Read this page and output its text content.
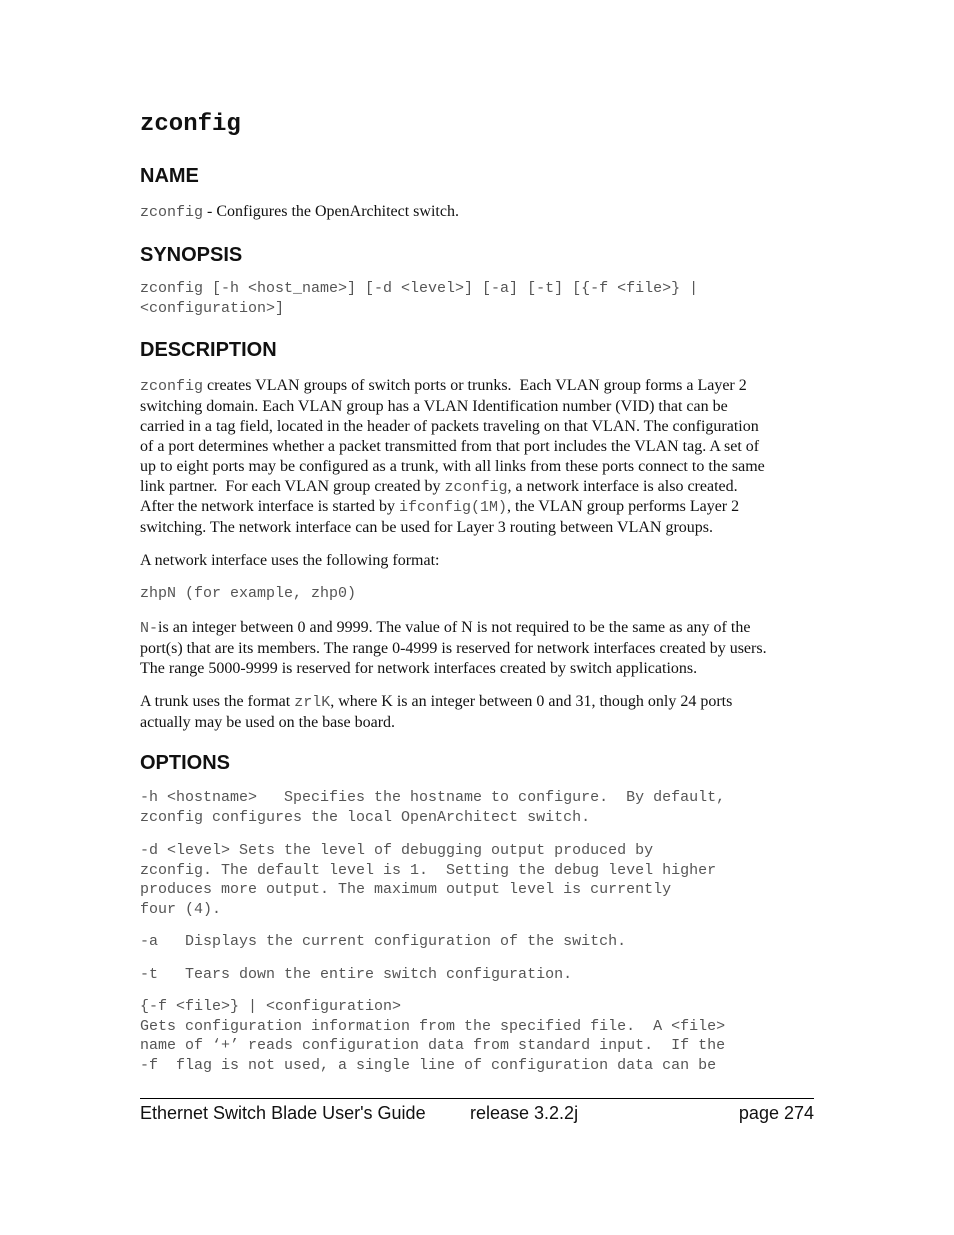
zconfig
NAME
zconfig - Configures the OpenArchitect switch.
SYNOPSIS
zconfig [-h <host_name>] [-d <level>] [-a] [-t] [{-f <file>} |
<configuration>]
DESCRIPTION
zconfig creates VLAN groups of switch ports or trunks.  Each VLAN group forms a Layer 2
switching domain. Each VLAN group has a VLAN Identification number (VID) that can be
carried in a tag field, located in the header of packets traveling on that VLAN. The configuration
of a port determines whether a packet transmitted from that port includes the VLAN tag. A set of
up to eight ports may be configured as a trunk, with all links from these ports connect to the same
link partner.  For each VLAN group created by zconfig, a network interface is also created.
After the network interface is started by ifconfig(1M), the VLAN group performs Layer 2
switching. The network interface can be used for Layer 3 routing between VLAN groups.
A network interface uses the following format:
zhpN (for example, zhp0)
N-is an integer between 0 and 9999. The value of N is not required to be the same as any of the
port(s) that are its members. The range 0-4999 is reserved for network interfaces created by users.
The range 5000-9999 is reserved for network interfaces created by switch applications.
A trunk uses the format zrlK, where K is an integer between 0 and 31, though only 24 ports
actually may be used on the base board.
OPTIONS
-h <hostname>   Specifies the hostname to configure.  By default,
zconfig configures the local OpenArchitect switch.
-d <level> Sets the level of debugging output produced by
zconfig. The default level is 1.  Setting the debug level higher
produces more output. The maximum output level is currently
four (4).
-a   Displays the current configuration of the switch.
-t   Tears down the entire switch configuration.
{-f <file>} | <configuration>
Gets configuration information from the specified file.  A <file>
name of ‘+’ reads configuration data from standard input.  If the
-f  flag is not used, a single line of configuration data can be
Ethernet Switch Blade User's Guide release 3.2.2j	page 274
